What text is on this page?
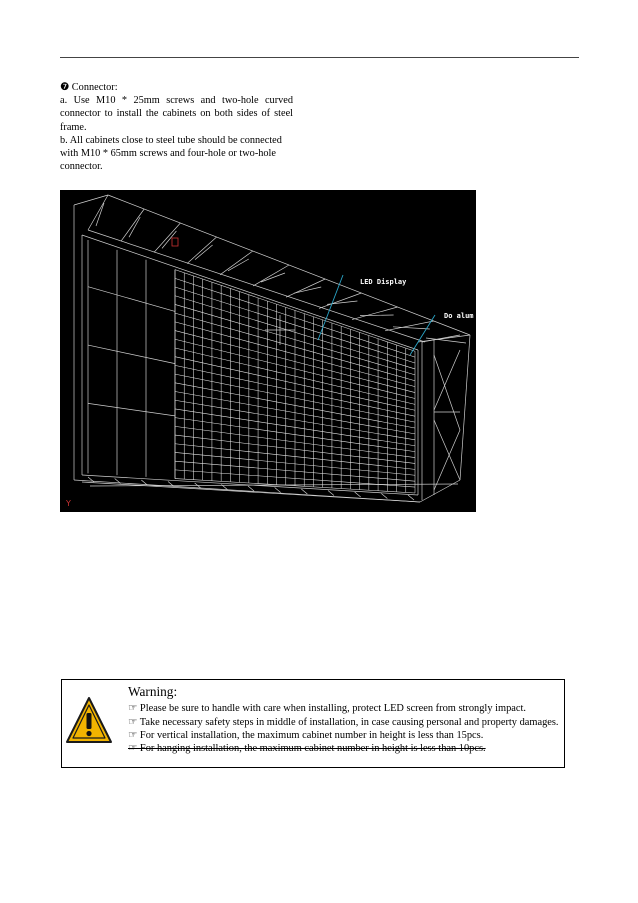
❼ Connector:

a. Use M10 * 25mm screws and two-hole curved connector to install the cabinets on both sides of steel frame.

b. All cabinets close to steel tube should be connected with M10 * 65mm screws and four-hole or two-hole connector.

LED Display
Do alum
Y
Warning:

☞ Please be sure to handle with care when installing, protect LED screen from strongly impact.

☞ Take necessary safety steps in middle of installation, in case causing personal and property damages.

☞ For vertical installation, the maximum cabinet number in height is less than 15pcs.

☞ For hanging installation, the maximum cabinet number in height is less than 10pcs.
